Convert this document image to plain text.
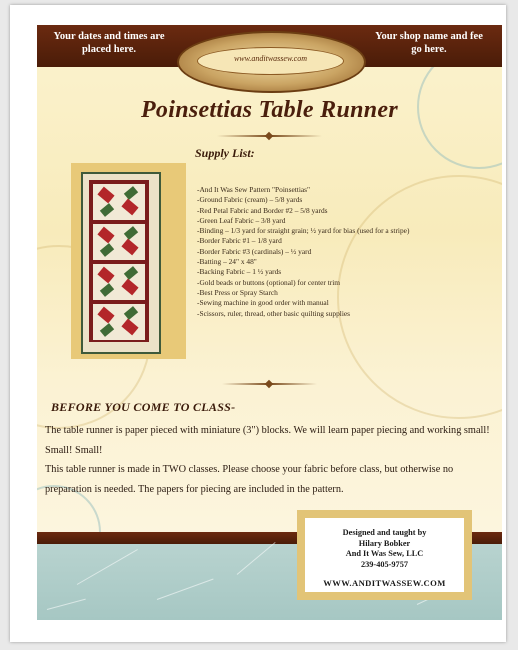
Your dates and times are placed here.
Your shop name and fee go here.
www.anditwassew.com
Poinsettias Table Runner
Supply List:
-And It Was Sew Pattern "Poinsettias"
-Ground Fabric (cream) – 5/8 yards
-Red Petal Fabric and Border #2 – 5/8 yards
-Green Leaf Fabric – 3/8 yard
-Binding – 1/3 yard for straight grain; ½ yard for bias (used for a stripe)
-Border Fabric #1 – 1/8 yard
-Border Fabric #3 (cardinals) – ½ yard
-Batting – 24" x 48"
-Backing Fabric – 1 ½ yards
-Gold beads or buttons (optional) for center trim
-Best Press or Spray Starch
-Sewing machine in good order with manual
-Scissors, ruler, thread, other basic quilting supplies
BEFORE YOU COME TO CLASS-
The table runner is paper pieced with miniature (3") blocks. We will learn paper piecing and working small! Small! Small!
This table runner is made in TWO classes. Please choose your fabric before class, but otherwise no preparation is needed. The papers for piecing are included in the pattern.
Designed and taught by
Hilary Bobker
And It Was Sew, LLC
239-405-9757
WWW.ANDITWASSEW.COM
